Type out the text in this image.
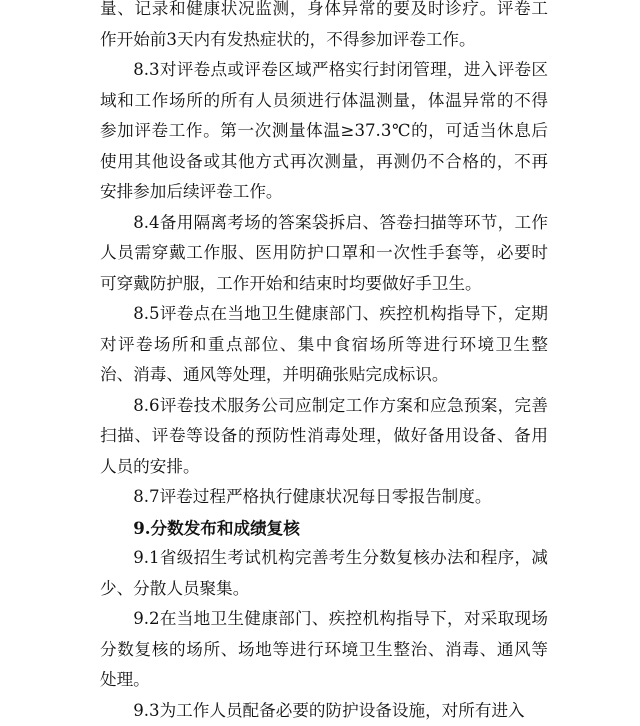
量、记录和健康状况监测，身体异常的要及时诊疗。评卷工作开始前3天内有发热症状的，不得参加评卷工作。

8.3对评卷点或评卷区域严格实行封闭管理，进入评卷区域和工作场所的所有人员须进行体温测量，体温异常的不得参加评卷工作。第一次测量体温≥37.3℃的，可适当休息后使用其他设备或其他方式再次测量，再测仍不合格的，不再安排参加后续评卷工作。

8.4备用隔离考场的答案袋拆启、答卷扫描等环节，工作人员需穿戴工作服、医用防护口罩和一次性手套等，必要时可穿戴防护服，工作开始和结束时均要做好手卫生。

8.5评卷点在当地卫生健康部门、疾控机构指导下，定期对评卷场所和重点部位、集中食宿场所等进行环境卫生整治、消毒、通风等处理，并明确张贴完成标识。

8.6评卷技术服务公司应制定工作方案和应急预案，完善扫描、评卷等设备的预防性消毒处理，做好备用设备、备用人员的安排。

8.7评卷过程严格执行健康状况每日零报告制度。

9.分数发布和成绩复核

9.1省级招生考试机构完善考生分数复核办法和程序，减少、分散人员聚集。

9.2在当地卫生健康部门、疾控机构指导下，对采取现场分数复核的场所、场地等进行环境卫生整治、消毒、通风等处理。

9.3为工作人员配备必要的防护设备设施，对所有进入
